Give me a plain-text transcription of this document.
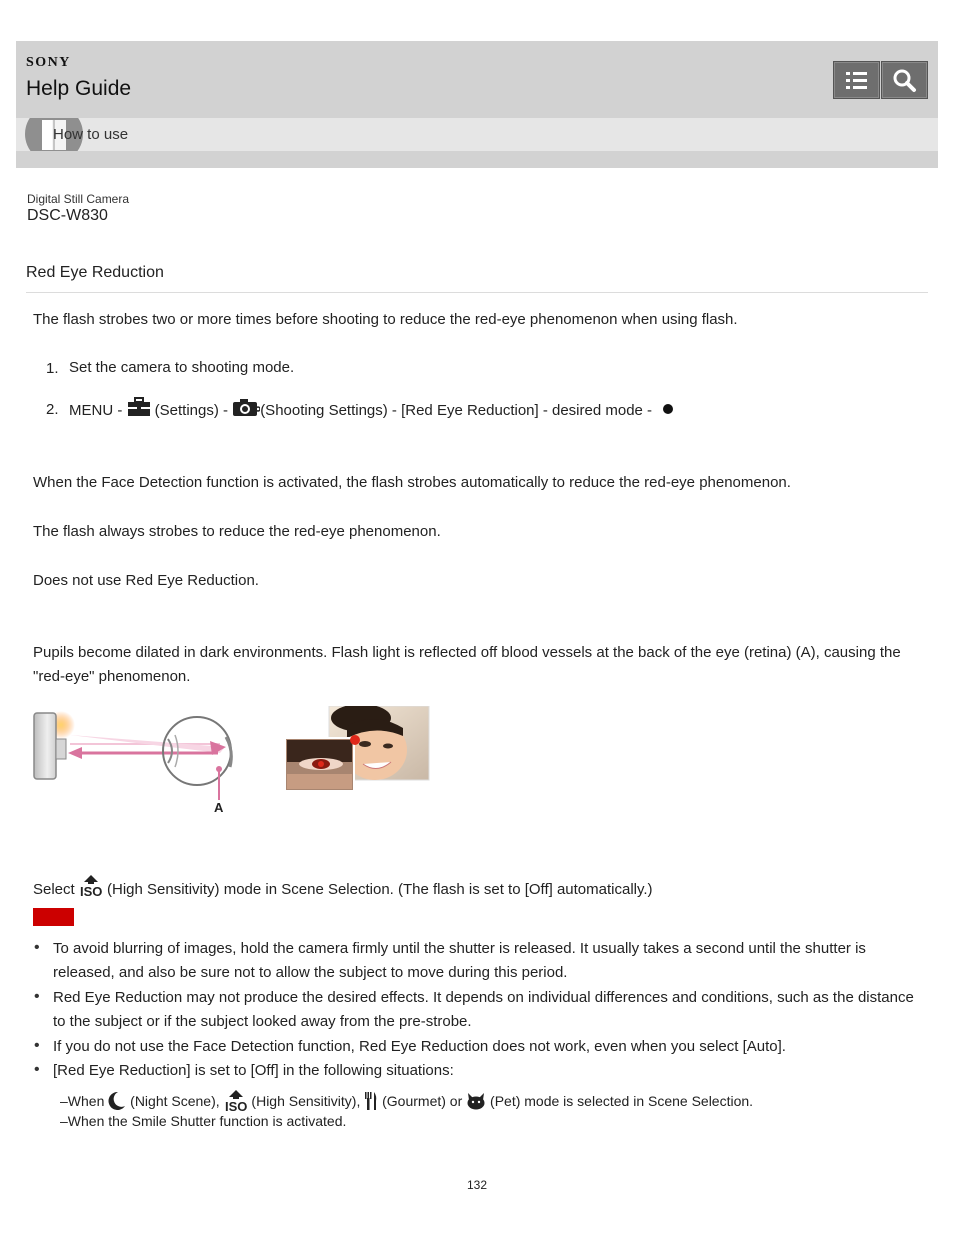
SONY
Help Guide
How to use
Digital Still Camera
DSC-W830
Red Eye Reduction
The flash strobes two or more times before shooting to reduce the red-eye phenomenon when using flash.
1. Set the camera to shooting mode.
2. MENU -  (Settings) - (Shooting Settings) - [Red Eye Reduction] - desired mode -
When the Face Detection function is activated, the flash strobes automatically to reduce the red-eye phenomenon.
The flash always strobes to reduce the red-eye phenomenon.
Does not use Red Eye Reduction.
Pupils become dilated in dark environments. Flash light is reflected off blood vessels at the back of the eye (retina) (A), causing the "red-eye" phenomenon.
A
Select ISO (High Sensitivity) mode in Scene Selection. (The flash is set to [Off] automatically.)
• To avoid blurring of images, hold the camera firmly until the shutter is released. It usually takes a second until the shutter is released, and also be sure not to allow the subject to move during this period.
• Red Eye Reduction may not produce the desired effects. It depends on individual differences and conditions, such as the distance to the subject or if the subject looked away from the pre-strobe.
• If you do not use the Face Detection function, Red Eye Reduction does not work, even when you select [Auto].
• [Red Eye Reduction] is set to [Off] in the following situations:
–When  (Night Scene), ISO (High Sensitivity),  (Gourmet) or  (Pet) mode is selected in Scene Selection.
–When the Smile Shutter function is activated.
132
